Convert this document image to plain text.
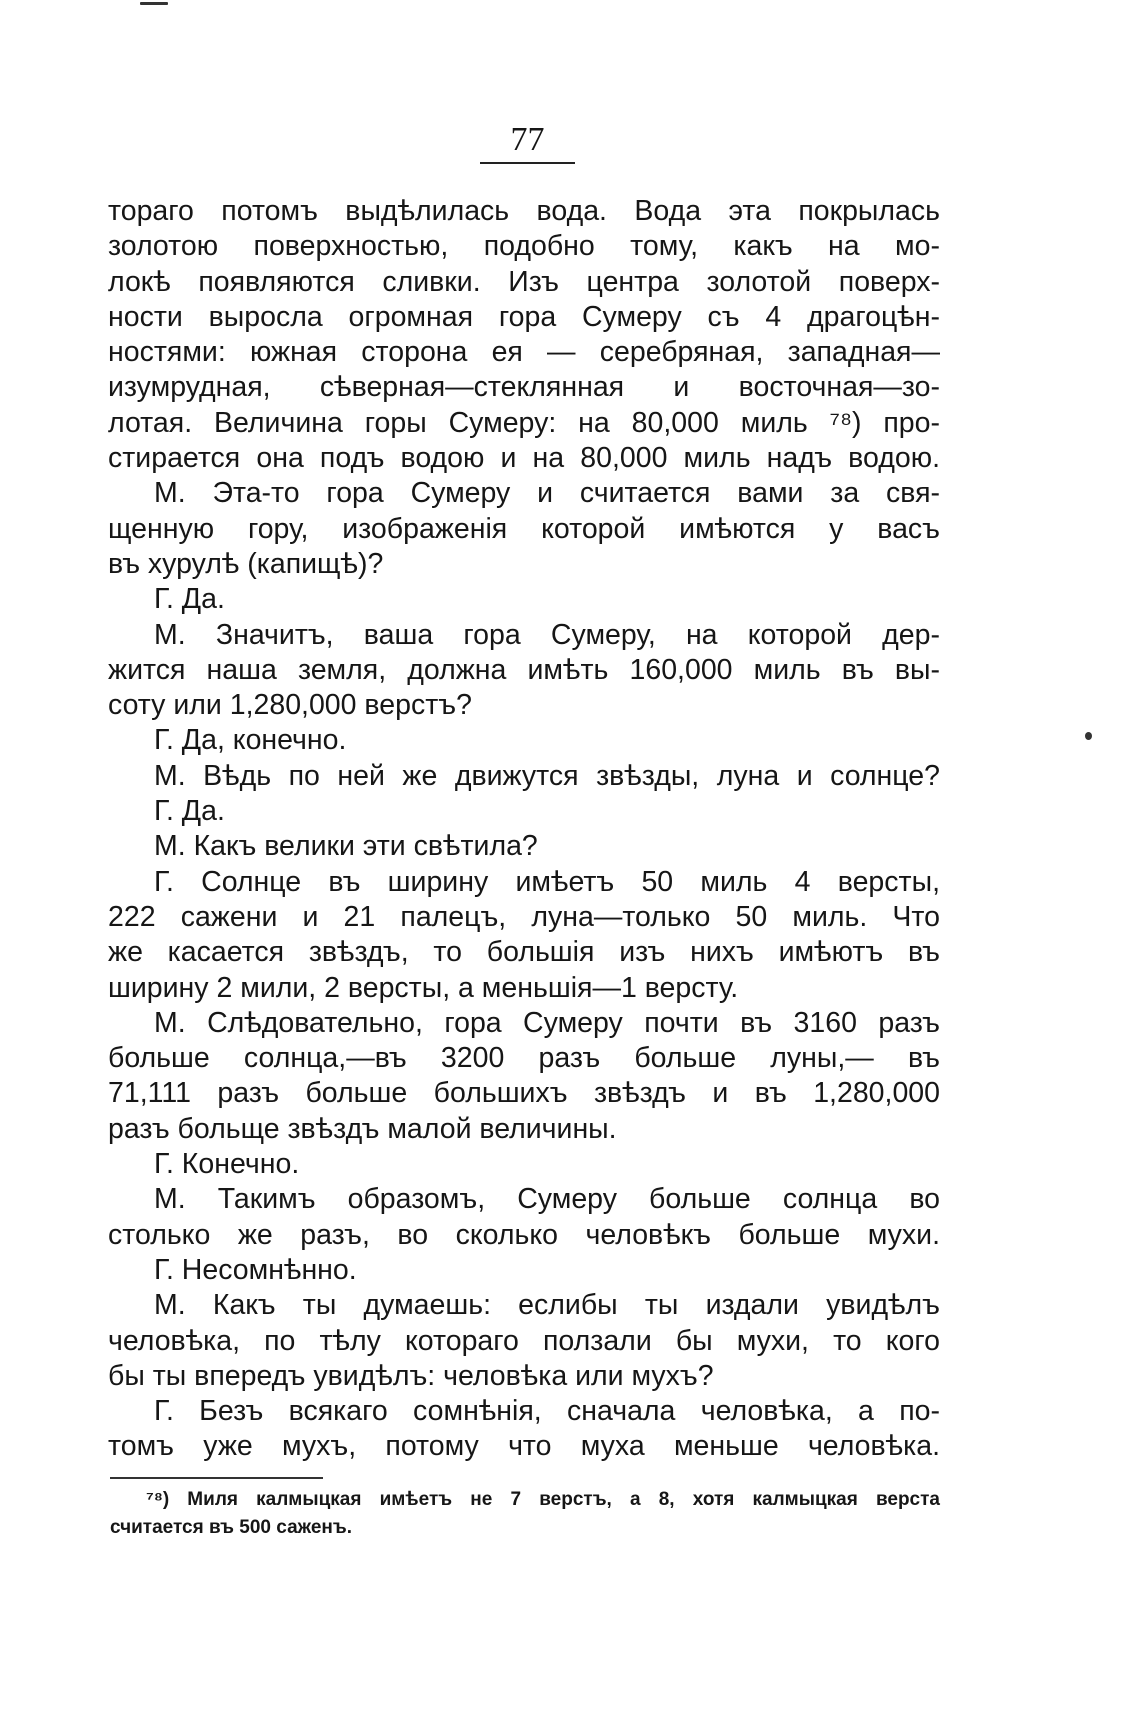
77
тораго потомъ выдѣлилась вода. Вода эта покрылась
золотою поверхностью, подобно тому, какъ на мо-
локѣ появляются сливки. Изъ центра золотой поверх-
ности выросла огромная гора Сумеру съ 4 драгоцѣн-
ностями: южная сторона ея — серебряная, западная—
изумрудная, сѣверная—стеклянная и восточная—зо-
лотая. Величина горы Сумеру: на 80,000 миль ⁷⁸) про-
стирается она подъ водою и на 80,000 миль надъ водою.
М. Эта-то гора Сумеру и считается вами за свя-
щенную гору, изображенія которой имѣются у васъ
въ хурулѣ (капищѣ)?
Г. Да.
М. Значитъ, ваша гора Сумеру, на которой дер-
жится наша земля, должна имѣть 160,000 миль въ вы-
соту или 1,280,000 верстъ?
Г. Да, конечно.
М. Вѣдь по ней же движутся звѣзды, луна и солнце?
Г. Да.
М. Какъ велики эти свѣтила?
Г. Солнце въ ширину имѣетъ 50 миль 4 версты,
222 сажени и 21 палецъ, луна—только 50 миль. Что
же касается звѣздъ, то большія изъ нихъ имѣютъ въ
ширину 2 мили, 2 версты, а меньшія—1 версту.
М. Слѣдовательно, гора Сумеру почти въ 3160 разъ
больше солнца,—въ 3200 разъ больше луны,— въ
71,111 разъ больше большихъ звѣздъ и въ 1,280,000
разъ больще звѣздъ малой величины.
Г. Конечно.
М. Такимъ образомъ, Сумеру больше солнца во
столько же разъ, во сколько человѣкъ больше мухи.
Г. Несомнѣнно.
М. Какъ ты думаешь: еслибы ты издали увидѣлъ
человѣка, по тѣлу котораго ползали бы мухи, то кого
бы ты впередъ увидѣлъ: человѣка или мухъ?
Г. Безъ всякаго сомнѣнія, сначала человѣка, а по-
томъ уже мухъ, потому что муха меньше человѣка.
⁷⁸) Миля калмыцкая имѣетъ не 7 верстъ, а 8, хотя калмыцкая верста
считается въ 500 саженъ.
